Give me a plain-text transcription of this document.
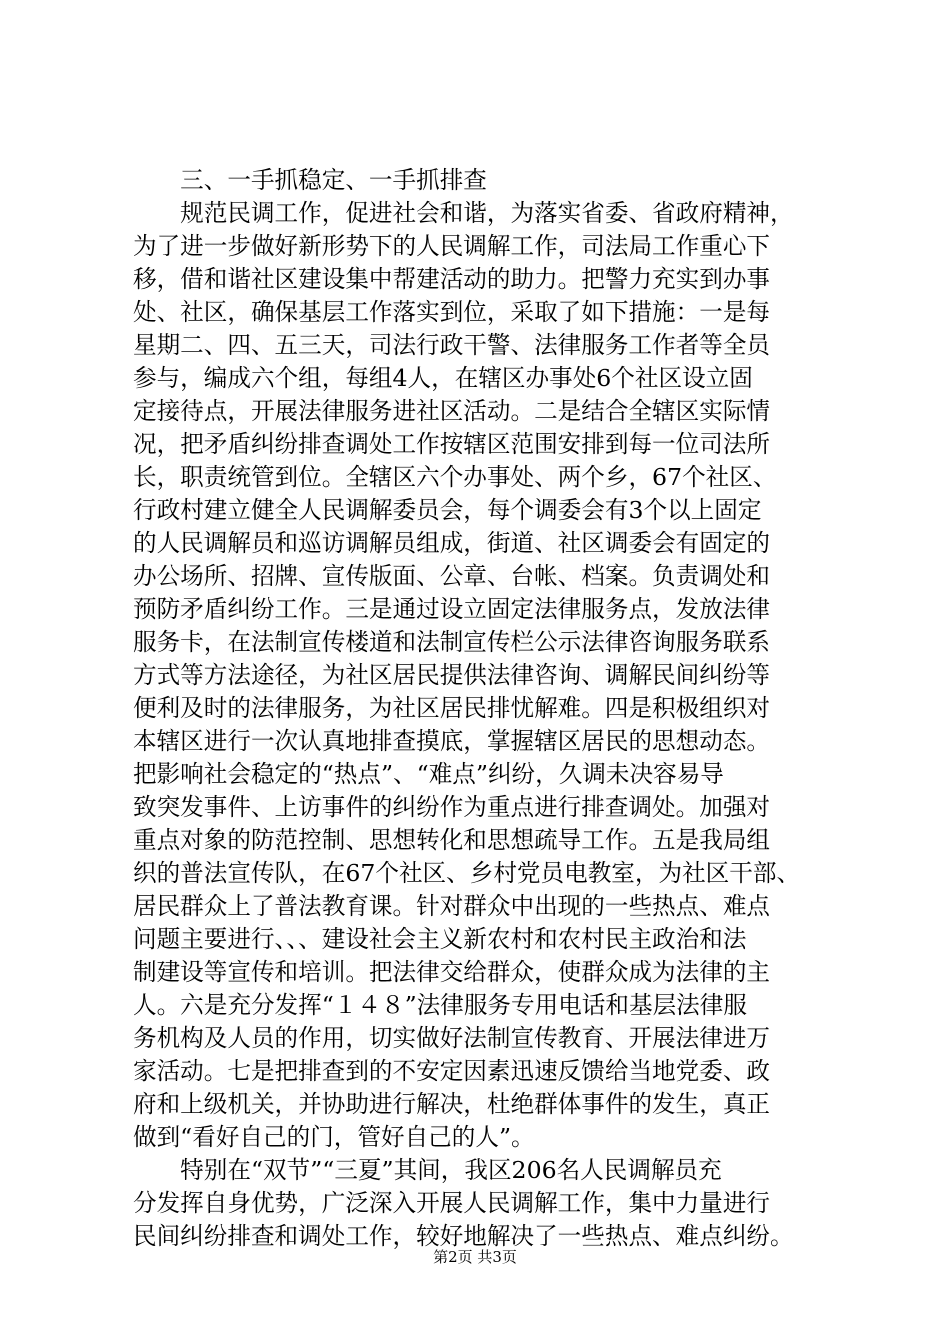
　　三、一手抓稳定、一手抓排查
　　规范民调工作，促进社会和谐，为落实省委、省政府精神，
为了进一步做好新形势下的人民调解工作，司法局工作重心下
移，借和谐社区建设集中帮建活动的助力。把警力充实到办事
处、社区，确保基层工作落实到位，采取了如下措施：一是每
星期二、四、五三天，司法行政干警、法律服务工作者等全员
参与，编成六个组，每组4人，在辖区办事处6个社区设立固
定接待点，开展法律服务进社区活动。二是结合全辖区实际情
况，把矛盾纠纷排查调处工作按辖区范围安排到每一位司法所
长，职责统管到位。全辖区六个办事处、两个乡，67个社区、
行政村建立健全人民调解委员会，每个调委会有3个以上固定
的人民调解员和巡访调解员组成，街道、社区调委会有固定的
办公场所、招牌、宣传版面、公章、台帐、档案。负责调处和
预防矛盾纠纷工作。三是通过设立固定法律服务点，发放法律
服务卡，在法制宣传楼道和法制宣传栏公示法律咨询服务联系
方式等方法途径，为社区居民提供法律咨询、调解民间纠纷等
便利及时的法律服务，为社区居民排忧解难。四是积极组织对
本辖区进行一次认真地排查摸底，掌握辖区居民的思想动态。
把影响社会稳定的“热点”、“难点”纠纷，久调未决容易导
致突发事件、上访事件的纠纷作为重点进行排查调处。加强对
重点对象的防范控制、思想转化和思想疏导工作。五是我局组
织的普法宣传队，在67个社区、乡村党员电教室，为社区干部、
居民群众上了普法教育课。针对群众中出现的一些热点、难点
问题主要进行、、、建设社会主义新农村和农村民主政治和法
制建设等宣传和培训。把法律交给群众，使群众成为法律的主
人。六是充分发挥“１４８”法律服务专用电话和基层法律服
务机构及人员的作用，切实做好法制宣传教育、开展法律进万
家活动。七是把排查到的不安定因素迅速反馈给当地党委、政
府和上级机关，并协助进行解决，杜绝群体事件的发生，真正
做到“看好自己的门，管好自己的人”。
　　特别在“双节”“三夏”其间，我区206名人民调解员充
分发挥自身优势，广泛深入开展人民调解工作，集中力量进行
民间纠纷排查和调处工作，较好地解决了一些热点、难点纠纷。
第2页 共3页
